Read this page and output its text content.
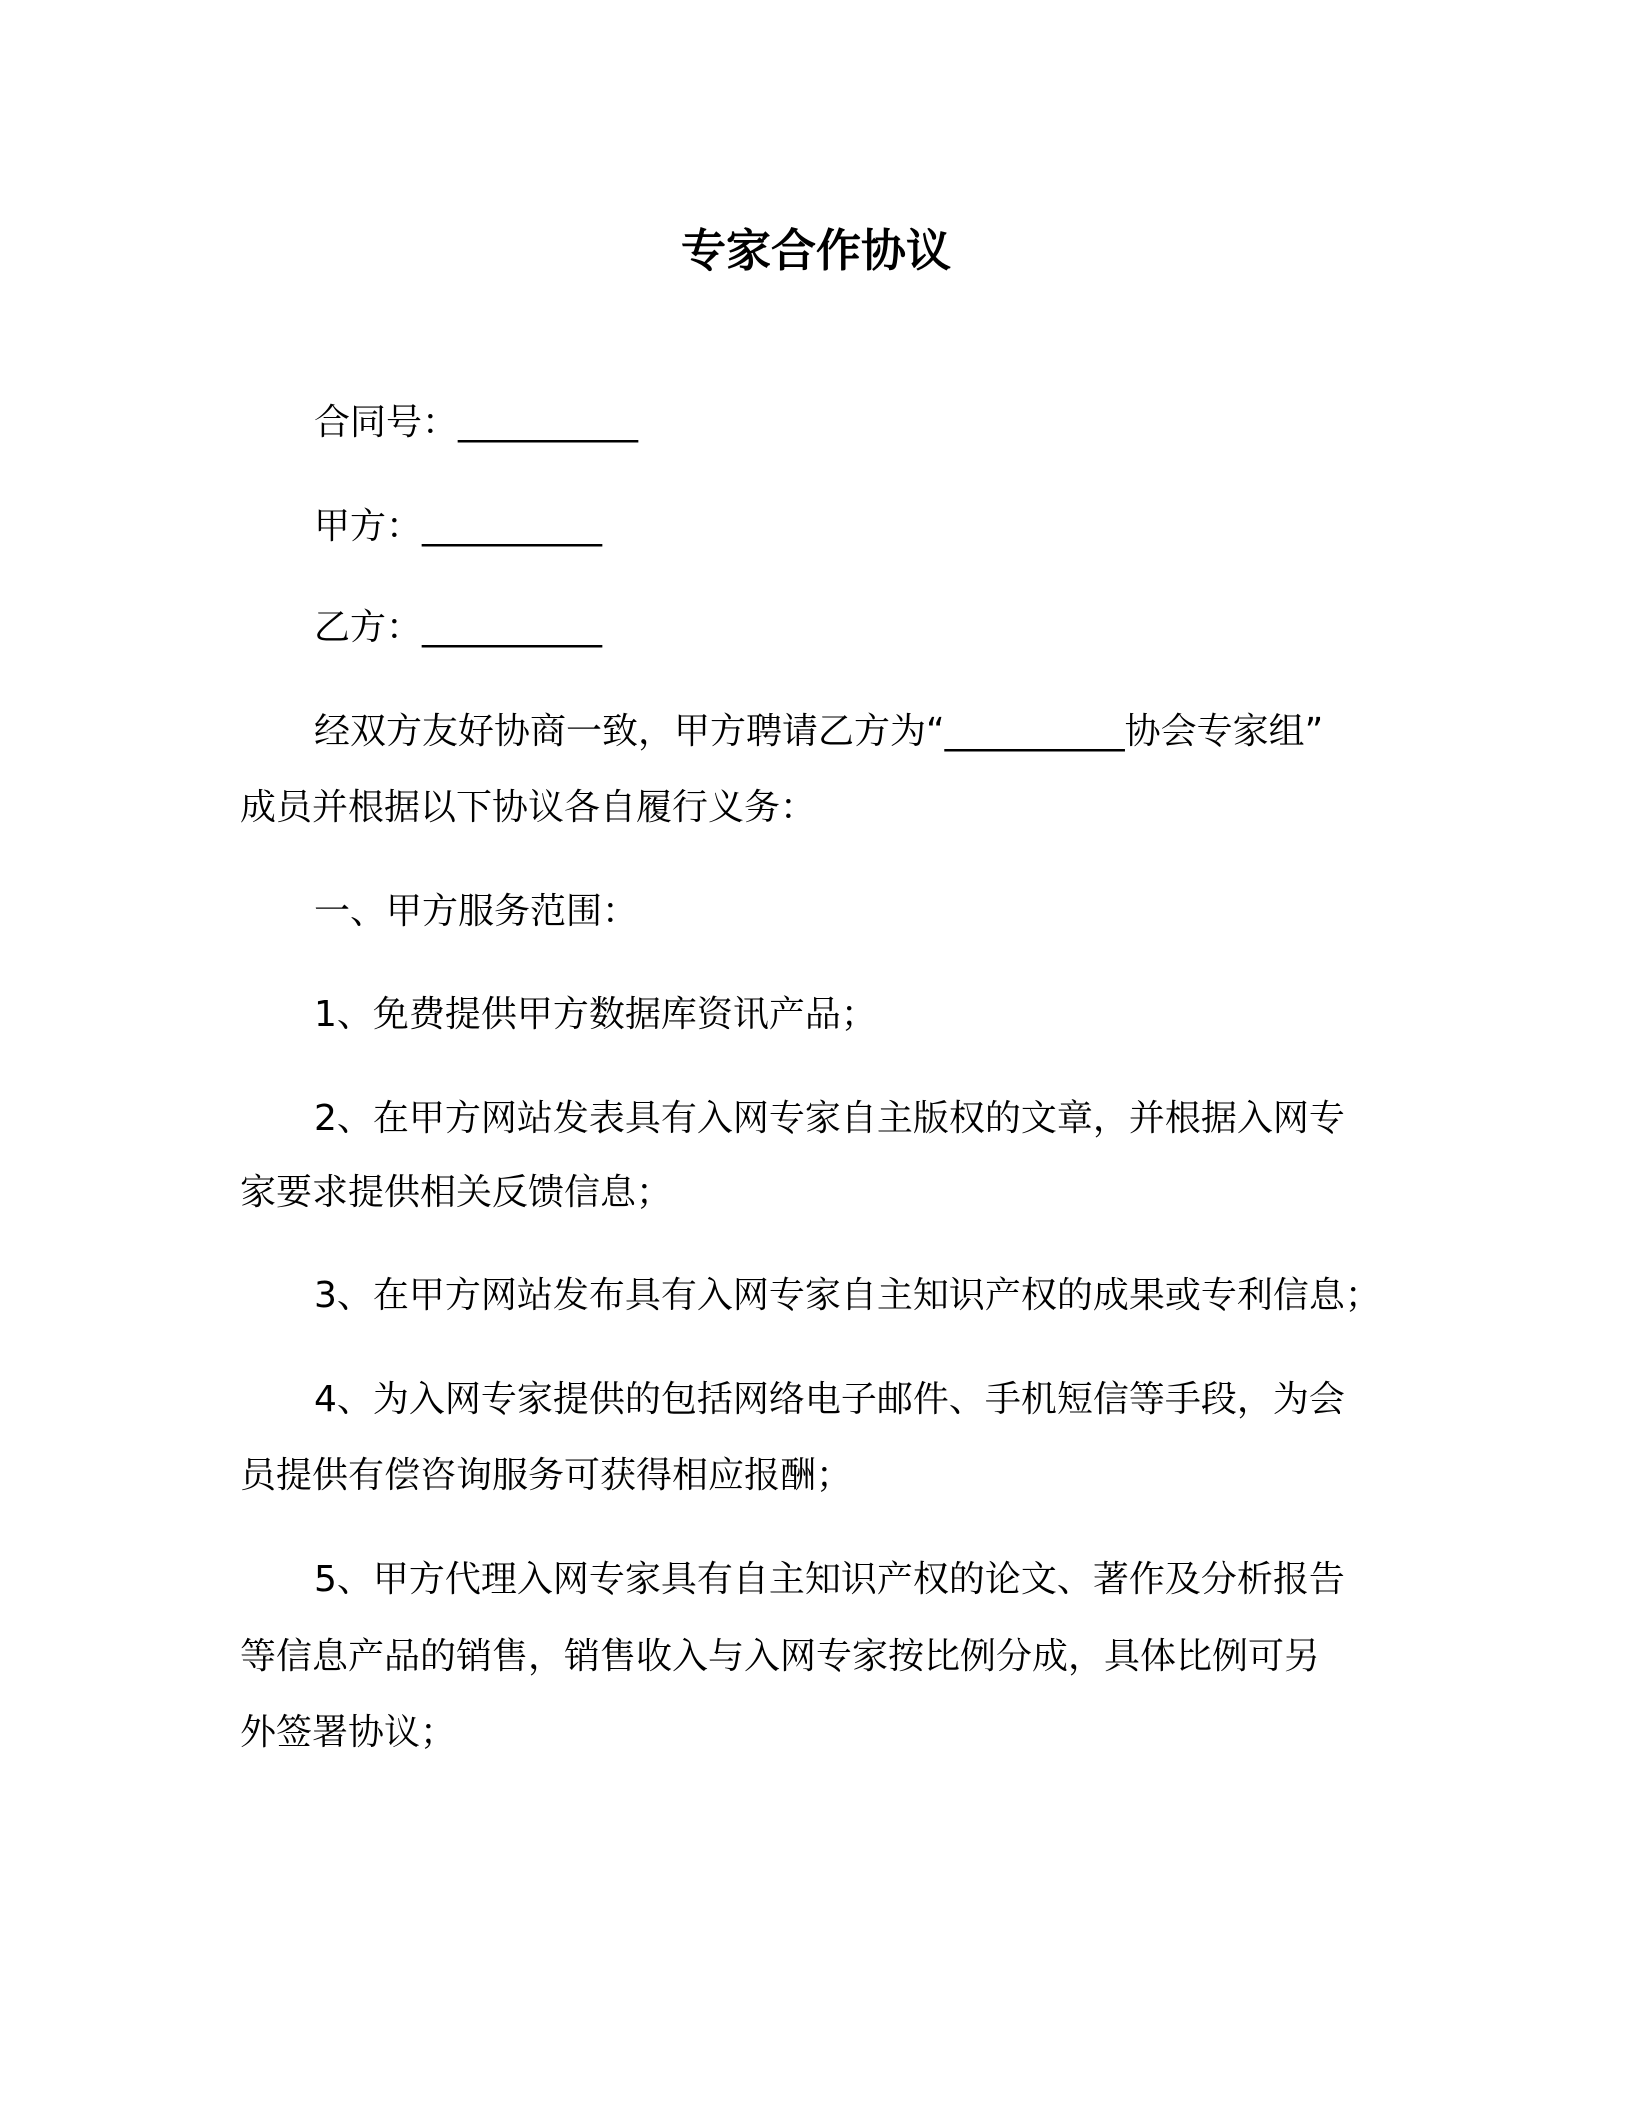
专家合作协议
合同号：__________
甲方：__________
乙方：__________
经双方友好协商一致，甲方聘请乙方为“__________协会专家组”
成员并根据以下协议各自履行义务：
一、甲方服务范围：
1、免费提供甲方数据库资讯产品；
2、在甲方网站发表具有入网专家自主版权的文章，并根据入网专
家要求提供相关反馈信息；
3、在甲方网站发布具有入网专家自主知识产权的成果或专利信息；
4、为入网专家提供的包括网络电子邮件、手机短信等手段，为会
员提供有偿咨询服务可获得相应报酬；
5、甲方代理入网专家具有自主知识产权的论文、著作及分析报告
等信息产品的销售，销售收入与入网专家按比例分成，具体比例可另
外签署协议；
